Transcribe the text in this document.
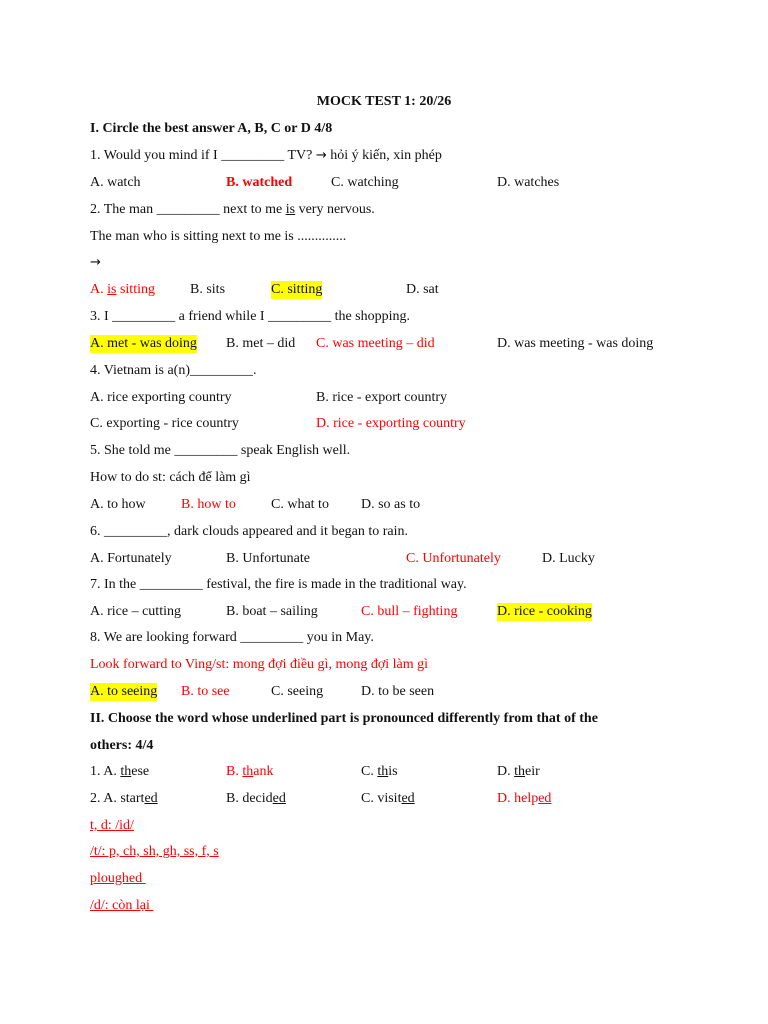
MOCK TEST 1: 20/26
I. Circle the best answer A, B, C or D 4/8
1. Would you mind if I _________ TV? → hỏi ý kiến, xin phép
A. watch	B. watched	C. watching	D. watches
2. The man _________ next to me is very nervous.
The man who is sitting next to me is ..............
→
A. is sitting	B. sits	C. sitting	D. sat
3. I _________ a friend while I _________ the shopping.
A. met - was doing B. met – did C. was meeting – did	D. was meeting - was doing
4. Vietnam is a(n)_________.
A. rice exporting country	B. rice - export country
C. exporting - rice country	D. rice - exporting country
5. She told me _________ speak English well.
How to do st: cách để làm gì
A. to how	B. how to	C. what to D. so as to
6. _________, dark clouds appeared and it began to rain.
A. Fortunately	B. Unfortunate	C. Unfortunately	D. Lucky
7. In the _________ festival, the fire is made in the traditional way.
A. rice – cutting	B. boat – sailing	C. bull – fighting	D. rice - cooking
8. We are looking forward _________ you in May.
Look forward to Ving/st: mong đợi điều gì, mong đợi làm gì
A. to seeing B. to see	C. seeing	D. to be seen
II. Choose the word whose underlined part is pronounced differently from that of the
others: 4/4
1. A. these	B. thank	C. this	D. their
2. A. started	B. decided	C. visited	D. helped
t, d: /id/
/t/: p, ch, sh, gh, ss, f, s
ploughed
/d/: còn lại
